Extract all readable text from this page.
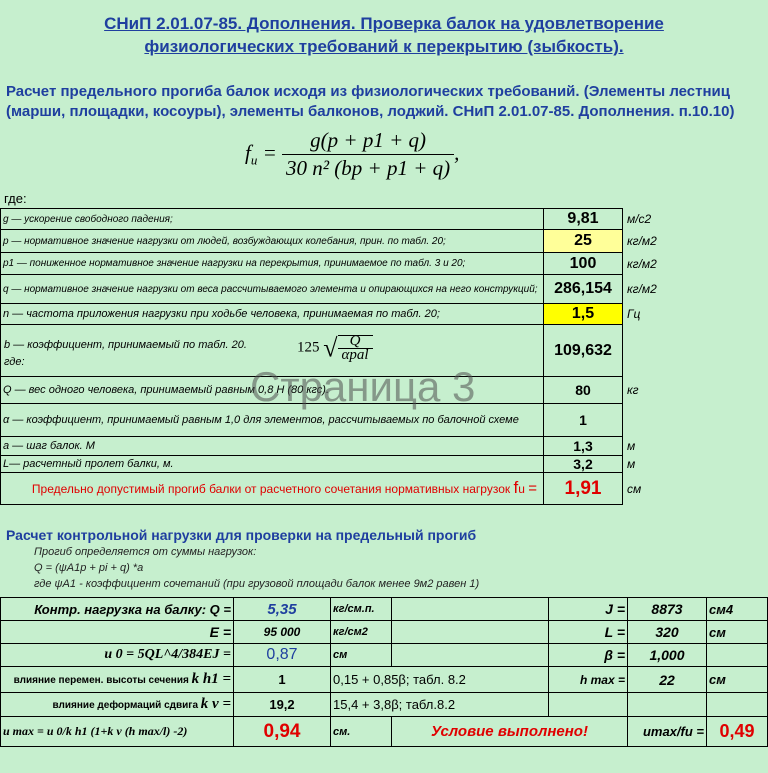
СНиП 2.01.07-85. Дополнения. Проверка балок на удовлетворение
физиологических требований к перекрытию (зыбкость).
Расчет предельного прогиба балок исходя из физиологических требований. (Элементы лестниц
(марши, площадки, косоуры), элементы балконов, лоджий. СНиП 2.01.07-85. Дополнения. п.10.10)
$f_u = \frac{g(p + p1 + q)}{\text{30 n² (bp + p1 + q)}}$ ,
где:
g — ускорение свободного падения;	9,81	м/с2
p — нормативное значение нагрузки от людей, возбуждающих колебания, прин. по табл. 20;	25	кг/м2
p1 — пониженное нормативное значение нагрузки на перекрытия, принимаемое по табл. 3 и 20;	100	кг/м2
q — нормативное значение нагрузки от веса рассчитываемого элемента и опирающихся на него конструкций;	286,154	кг/м2
n — частота приложения нагрузки при ходьбе человека, принимаемая по табл. 20;	1,5	Гц

b — коэффициент, принимаемый по табл. 20.
где:
125 √ $\frac{Q}{\text{αpal}}$	109,632	
Q — вес одного человека, принимаемый равным 0,8 Н (80 кгс).	80	кг
α — коэффициент, принимаемый равным 1,0 для элементов, рассчитываемых по балочной схеме	1	
a — шаг балок. М	1,3	м
L— расчетный пролет балки, м.	3,2	м
Предельно допустимый прогиб балки от расчетного сочетания нормативных нагрузок fu =	1,91	см
Страница 3
Расчет контрольной нагрузки для проверки на предельный прогиб
Прогиб определяется от суммы нагрузок:
Q = (ψA1p + pi + q) *a
где ψA1 - коэффициент сочетаний (при грузовой площади балок менее 9м2 равен 1)
Контр. нагрузка на балку: Q =	5,35	кг/см.п.		J =	8873	см4
E =	95 000	кг/см2		L =	320	см
u 0 = 5QL^4/384EJ =	0,87	см		β =	1,000	
влияние перемен. высоты сечения k h1 =	1	0,15 + 0,85β; табл. 8.2		h max =	22	см
влияние деформаций сдвига k v =	19,2	15,4 + 3,8β; табл.8.2				
u max = u 0/k h1 (1+k v (h max/l) -2)	0,94	см.	Условие выполнено!		umax/fu =	0,49
